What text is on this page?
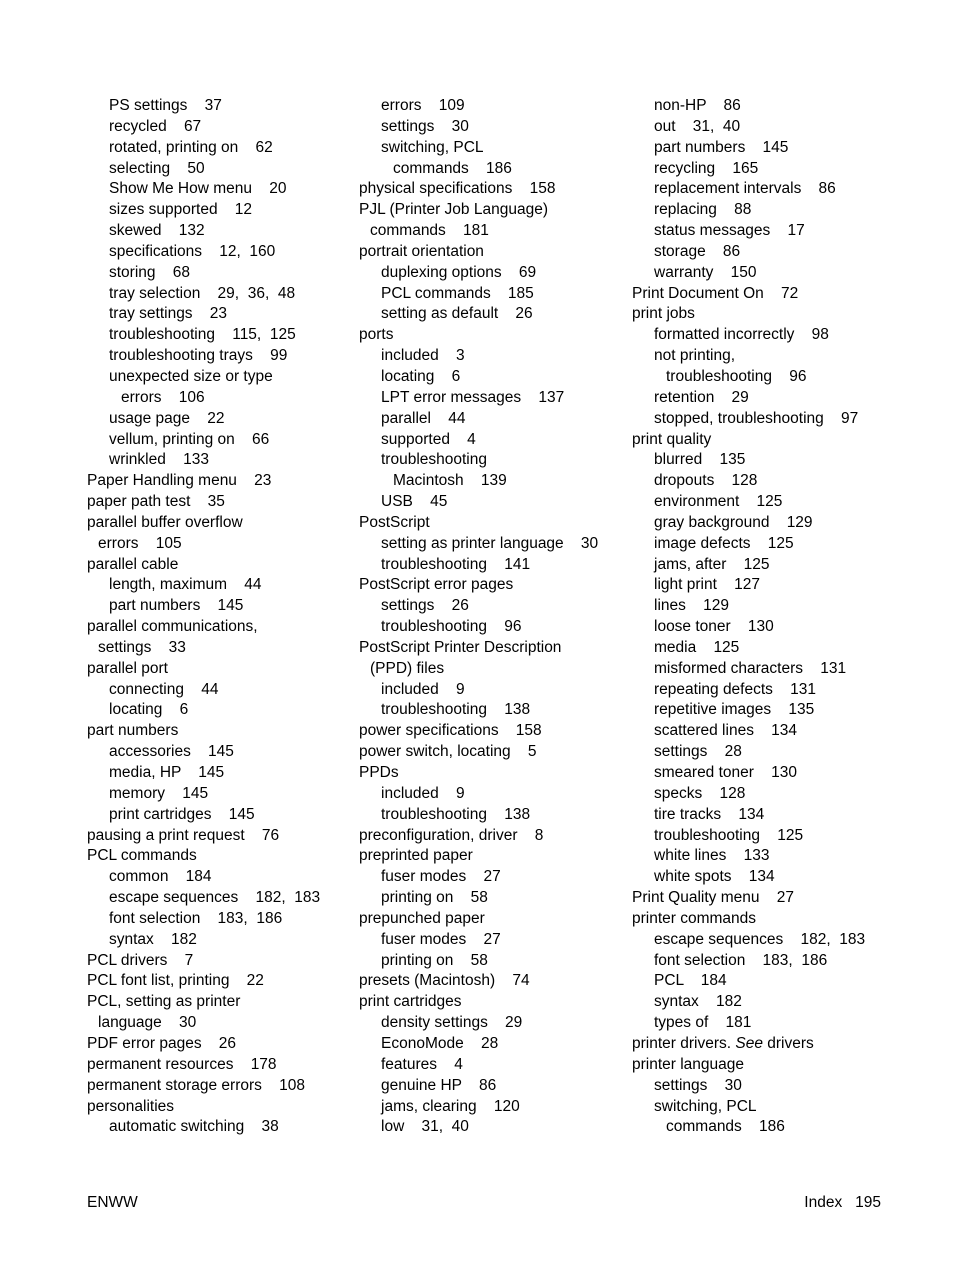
PS settings    37
recycled    67
rotated, printing on    62
selecting    50
Show Me How menu    20
sizes supported    12
skewed    132
specifications    12,  160
storing    68
tray selection    29,  36,  48
tray settings    23
troubleshooting    115,  125
troubleshooting trays    99
unexpected size or type
errors    106
usage page    22
vellum, printing on    66
wrinkled    133
Paper Handling menu    23
paper path test    35
parallel buffer overflow
errors    105
parallel cable
length, maximum    44
part numbers    145
parallel communications,
settings    33
parallel port
connecting    44
locating    6
part numbers
accessories    145
media, HP    145
memory    145
print cartridges    145
pausing a print request    76
PCL commands
common    184
escape sequences    182,  183
font selection    183,  186
syntax    182
PCL drivers    7
PCL font list, printing    22
PCL, setting as printer
language    30
PDF error pages    26
permanent resources    178
permanent storage errors    108
personalities
automatic switching    38
errors    109
settings    30
switching, PCL
commands    186
physical specifications    158
PJL (Printer Job Language)
commands    181
portrait orientation
duplexing options    69
PCL commands    185
setting as default    26
ports
included    3
locating    6
LPT error messages    137
parallel    44
supported    4
troubleshooting
Macintosh    139
USB    45
PostScript
setting as printer language    30
troubleshooting    141
PostScript error pages
settings    26
troubleshooting    96
PostScript Printer Description
(PPD) files
included    9
troubleshooting    138
power specifications    158
power switch, locating    5
PPDs
included    9
troubleshooting    138
preconfiguration, driver    8
preprinted paper
fuser modes    27
printing on    58
prepunched paper
fuser modes    27
printing on    58
presets (Macintosh)    74
print cartridges
density settings    29
EconoMode    28
features    4
genuine HP    86
jams, clearing    120
low    31,  40
non-HP    86
out    31,  40
part numbers    145
recycling    165
replacement intervals    86
replacing    88
status messages    17
storage    86
warranty    150
Print Document On    72
print jobs
formatted incorrectly    98
not printing,
troubleshooting    96
retention    29
stopped, troubleshooting    97
print quality
blurred    135
dropouts    128
environment    125
gray background    129
image defects    125
jams, after    125
light print    127
lines    129
loose toner    130
media    125
misformed characters    131
repeating defects    131
repetitive images    135
scattered lines    134
settings    28
smeared toner    130
specks    128
tire tracks    134
troubleshooting    125
white lines    133
white spots    134
Print Quality menu    27
printer commands
escape sequences    182,  183
font selection    183,  186
PCL    184
syntax    182
types of    181
printer drivers. See drivers
printer language
settings    30
switching, PCL
commands    186
ENWW	Index   195
